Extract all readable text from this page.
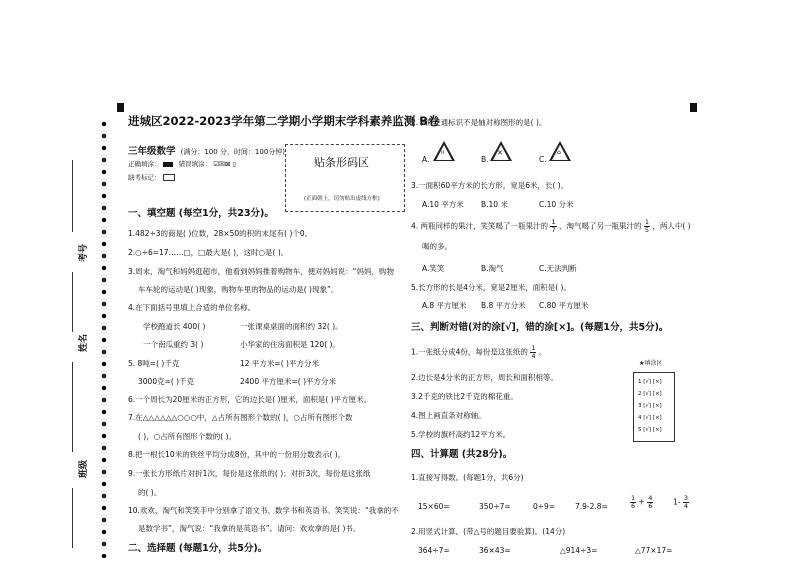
考号
姓名
班级
进城区2022-2023学年第二学期小学期末学科素养监测 B卷
三年级数学 (满分：100 分，时间：100分钟)
正确填涂：	错误填涂： ☑☒⊠ ▯
缺考标记：
贴条形码区
(正面朝上，切勿贴出虚线方框)
一、填空题 (每空1分，共23分)。
1.482÷3的商是( )位数，28×50的积的末尾有( )个0。
2.○÷6=17……□，□最大是( )，这时○是( )。
3.周末，淘气和妈妈逛超市，他看到妈妈推着购物车，便对妈妈说：“妈妈，购物
车车轮的运动是( )现象，购物车里的物品的运动是( )现象”。
4.在下面括号里填上合适的单位名称。
学校跑道长 400( )	一张课桌桌面的面积约 32( )。
一个南瓜重约 3( )	小华家的住房面积是 120( )。
5. 8吨=( )千克	12 平方米=( )平方分米
3000克=( )千克	2400 平方厘米=( )平方分米
6.一个周长为20厘米的正方形，它的边长是( )厘米，面积是( )平方厘米。
7.在△△△△△△○○○中，△占所有图形个数的( )，○占所有图形个数
( )，○占所有图形个数的( )。
8.把一根长10米的铁丝平均分成8份，其中的一份用分数表示( )。
9.一张长方形纸片对折1次，每份是这张纸的( )；对折3次，每份是这张纸
的( )。
10.欢欢、淘气和笑笑手中分别拿了语文书、数学书和英语书。笑笑说：“我拿的不
是数学书”，淘气说：“我拿的是英语书”。请问：欢欢拿的是( )书。
二、选择题 (每题1分，共5分)。
2.下面交通标识不是轴对称图形的是( )。
A.
ıı
B.
✕
C.
⌂
3.一面积60平方米的长方形，宽是6米，长( )。
A.10 平方米 B.10 米	C.10 分米
4. 两瓶同样的果汁，笑笑喝了一瓶果汁的 $\frac{1}{7}$ ，淘气喝了另一瓶果汁的 $\frac{1}{5}$ ，两人中( )
喝的多。
A.笑笑	B.淘气	C.无法判断
5.长方形的长是4分米，宽是2厘米，面积是( )。
A.8 平方厘米 B.8 平方分米 C.80 平方厘米
三、判断对错(对的涂[√]，错的涂[×]。(每题1分，共5分)。
1.一张纸分成4份，每份是这张纸的 $\frac{1}{4}$ 。
2.边长是4分米的正方形，周长和面积相等。
3.2千克的铁比2千克的棉花重。
4.图上画直条对称轴。
5.学校的旗杆高约12平方米。
★填涂区
1 [√] [×]
2 [√] [×]
3 [√] [×]
4 [√] [×]
5 [√] [×]
四、计算题 (共28分)。
1.直接写得数。(每题1分，共6分)
15×60=	350÷7=	0÷9=	7.9-2.8=	$\frac{1}{6} + \frac{4}{6}$	$1- \frac{3}{4}$
2.用竖式计算。(带△号的题目要验算)。(14分)
364÷7=	36×43=	△914÷3=	△77×17=
